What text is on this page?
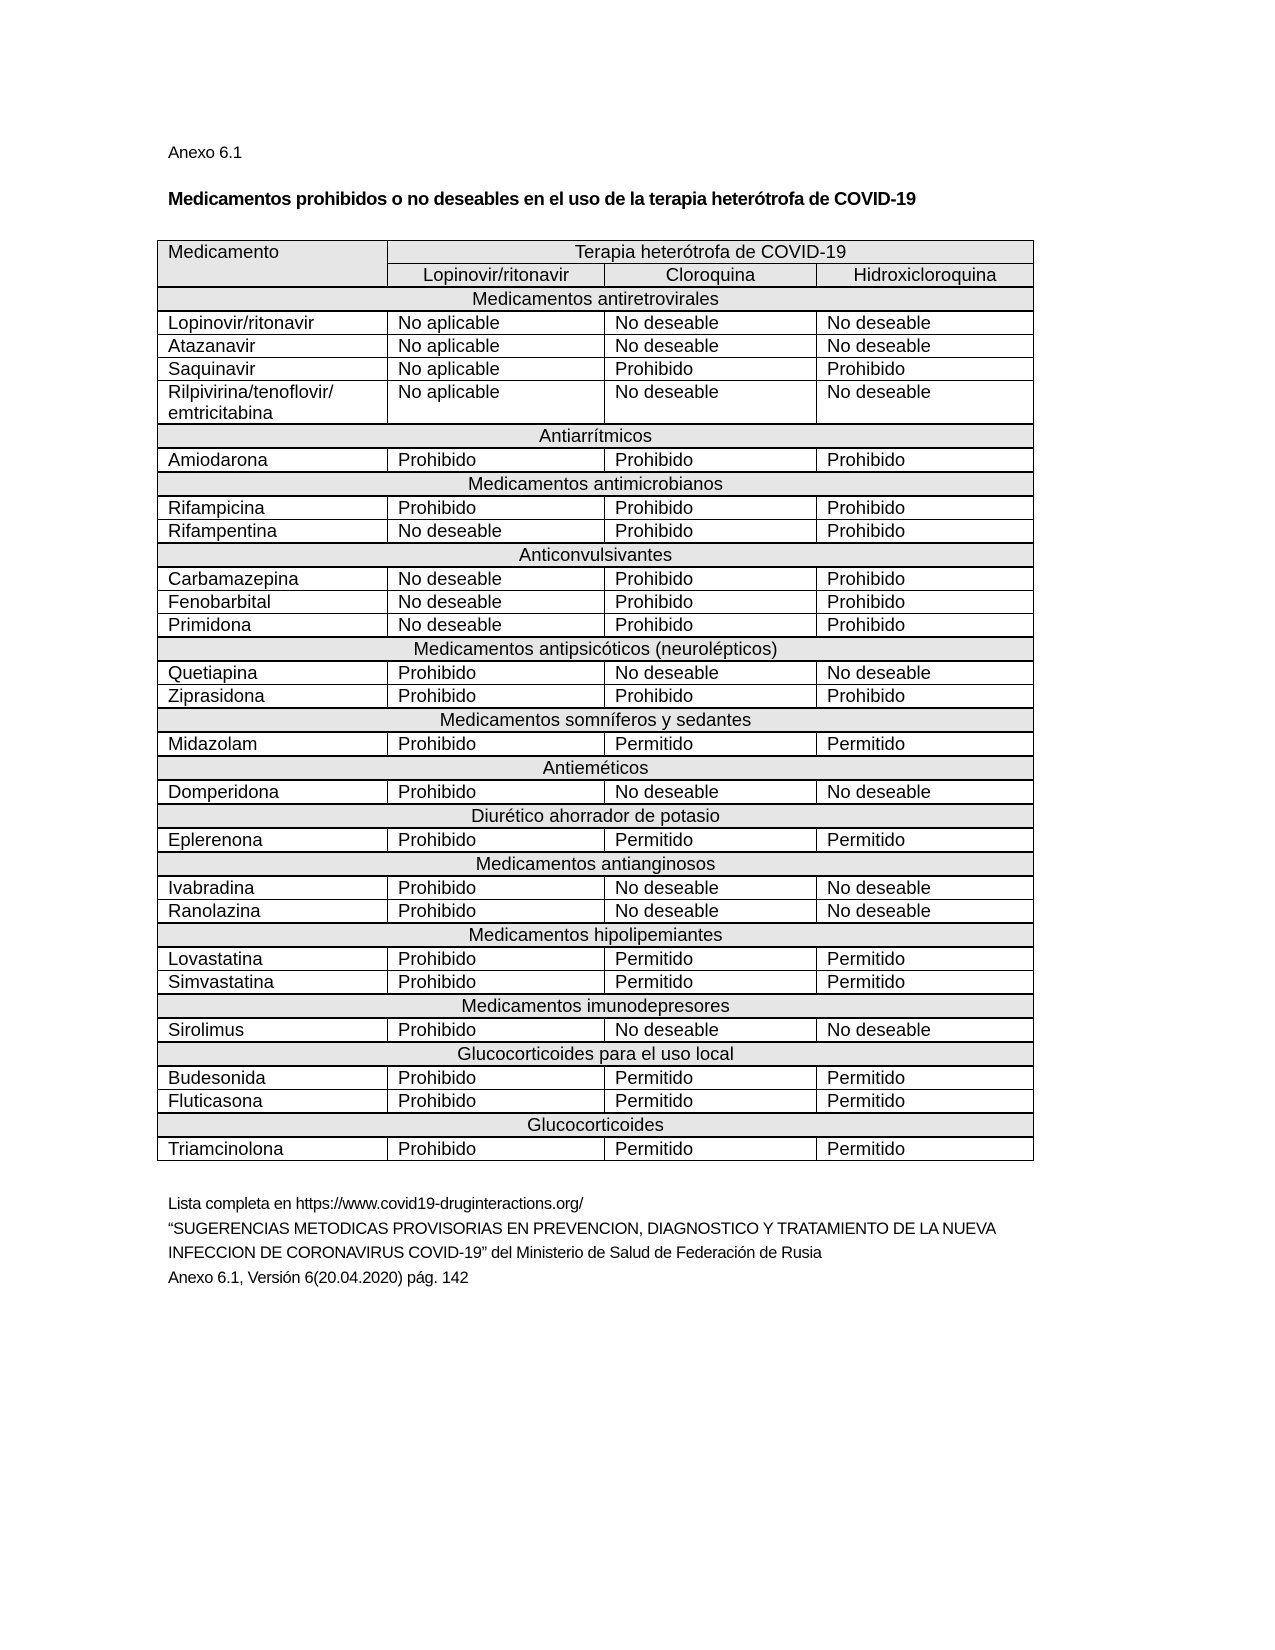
Anexo 6.1
Medicamentos prohibidos o no deseables en el uso de la terapia heterótrofa de COVID-19
Medicamento	Terapia heterótrofa de COVID-19		
	Lopinovir/ritonavir	Cloroquina	Hidroxicloroquina
Medicamentos antiretrovirales			
Lopinovir/ritonavir	No aplicable	No deseable	No deseable
Atazanavir	No aplicable	No deseable	No deseable
Saquinavir	No aplicable	Prohibido	Prohibido
Rilpivirina/tenoflovir/ emtricitabina	No aplicable	No deseable	No deseable
Antiarrítmicos			
Amiodarona	Prohibido	Prohibido	Prohibido
Medicamentos antimicrobianos			
Rifampicina	Prohibido	Prohibido	Prohibido
Rifampentina	No deseable	Prohibido	Prohibido
Anticonvulsivantes			
Carbamazepina	No deseable	Prohibido	Prohibido
Fenobarbital	No deseable	Prohibido	Prohibido
Primidona	No deseable	Prohibido	Prohibido
Medicamentos antipsicóticos (neurolépticos)			
Quetiapina	Prohibido	No deseable	No deseable
Ziprasidona	Prohibido	Prohibido	Prohibido
Medicamentos somníferos y sedantes			
Midazolam	Prohibido	Permitido	Permitido
Antieméticos			
Domperidona	Prohibido	No deseable	No deseable
Diurético ahorrador de potasio			
Eplerenona	Prohibido	Permitido	Permitido
Medicamentos antianginosos			
Ivabradina	Prohibido	No deseable	No deseable
Ranolazina	Prohibido	No deseable	No deseable
Medicamentos hipolipemiantes			
Lovastatina	Prohibido	Permitido	Permitido
Simvastatina	Prohibido	Permitido	Permitido
Medicamentos imunodepresores			
Sirolimus	Prohibido	No deseable	No deseable
Glucocorticoides para el uso local			
Budesonida	Prohibido	Permitido	Permitido
Fluticasona	Prohibido	Permitido	Permitido
Glucocorticoides			
Triamcinolona	Prohibido	Permitido	Permitido
Lista completa en https://www.covid19-druginteractions.org/
“SUGERENCIAS METODICAS PROVISORIAS EN PREVENCION, DIAGNOSTICO Y TRATAMIENTO DE LA NUEVA
INFECCION DE CORONAVIRUS COVID-19” del Ministerio de Salud de Federación de Rusia
Anexo 6.1, Versión 6(20.04.2020) pág. 142
